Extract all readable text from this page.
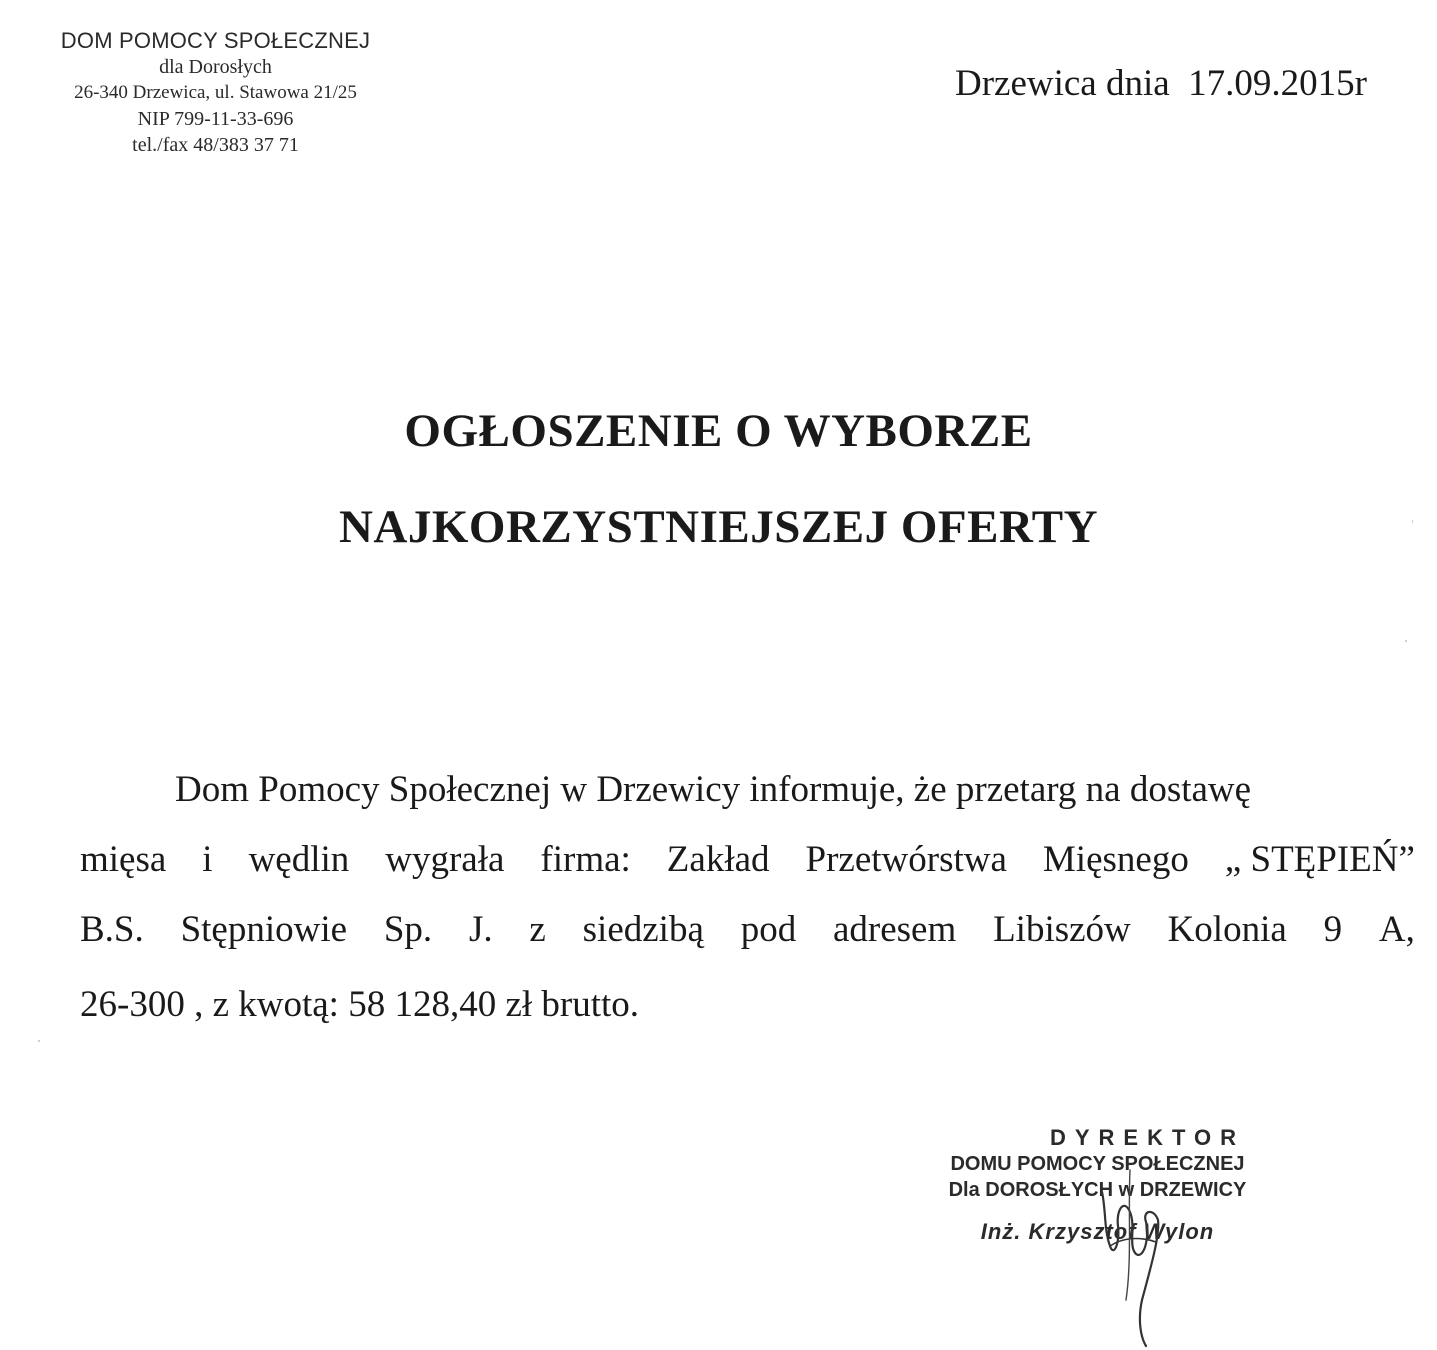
DOM POMOCY SPOŁECZNEJ
dla Dorosłych
26-340 Drzewica, ul. Stawowa 21/25
NIP 799-11-33-696
tel./fax 48/383 37 71
Drzewica dnia  17.09.2015r
OGŁOSZENIE O WYBORZE
NAJKORZYSTNIEJSZEJ OFERTY
Dom Pomocy Społecznej w Drzewicy informuje, że przetarg na dostawę
mięsa i wędlin wygrała firma: Zakład Przetwórstwa Mięsnego „ STĘPIEŃ”
B.S. Stępniowie Sp. J. z siedzibą pod adresem Libiszów Kolonia 9 A,
26-300 , z kwotą: 58 128,40 zł brutto.
DYREKTOR
DOMU POMOCY SPOŁECZNEJ
Dla DOROSŁYCH w DRZEWICY
Inż. Krzysztof Wylon
